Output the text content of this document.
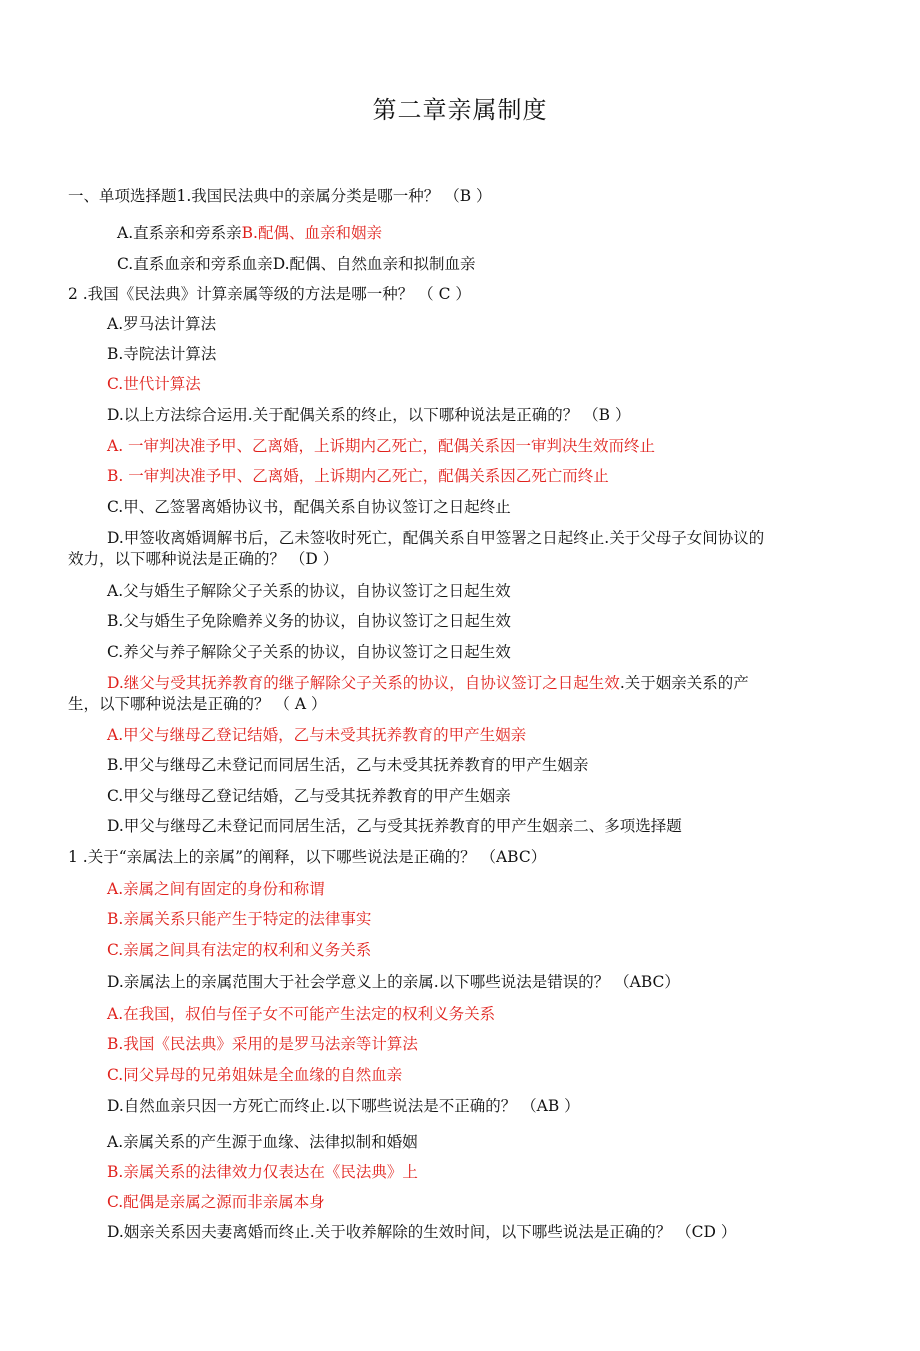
第二章亲属制度
一、单项选择题1.我国民法典中的亲属分类是哪一种？ （B ）
A.直系亲和旁系亲B.配偶、血亲和姻亲
C.直系血亲和旁系血亲D.配偶、自然血亲和拟制血亲
2 .我国《民法典》计算亲属等级的方法是哪一种？ （ C ）
A.罗马法计算法
B.寺院法计算法
C.世代计算法
D.以上方法综合运用.关于配偶关系的终止，以下哪种说法是正确的？ （B ）
A. 一审判决准予甲、乙离婚，上诉期内乙死亡，配偶关系因一审判决生效而终止
B. 一审判决准予甲、乙离婚，上诉期内乙死亡，配偶关系因乙死亡而终止
C.甲、乙签署离婚协议书，配偶关系自协议签订之日起终止
D.甲签收离婚调解书后，乙未签收时死亡，配偶关系自甲签署之日起终止.关于父母子女间协议的
效力，以下哪种说法是正确的？ （D ）
A.父与婚生子解除父子关系的协议，自协议签订之日起生效
B.父与婚生子免除赡养义务的协议，自协议签订之日起生效
C.养父与养子解除父子关系的协议，自协议签订之日起生效
D.继父与受其抚养教育的继子解除父子关系的协议，自协议签订之日起生效.关于姻亲关系的产
生，以下哪种说法是正确的？ （ A ）
A.甲父与继母乙登记结婚，乙与未受其抚养教育的甲产生姻亲
B.甲父与继母乙未登记而同居生活，乙与未受其抚养教育的甲产生姻亲
C.甲父与继母乙登记结婚，乙与受其抚养教育的甲产生姻亲
D.甲父与继母乙未登记而同居生活，乙与受其抚养教育的甲产生姻亲二、多项选择题
1 .关于“亲属法上的亲属”的阐释，以下哪些说法是正确的？ （ABC）
A.亲属之间有固定的身份和称谓
B.亲属关系只能产生于特定的法律事实
C.亲属之间具有法定的权利和义务关系
D.亲属法上的亲属范围大于社会学意义上的亲属.以下哪些说法是错误的？ （ABC）
A.在我国，叔伯与侄子女不可能产生法定的权利义务关系
B.我国《民法典》采用的是罗马法亲等计算法
C.同父异母的兄弟姐妹是全血缘的自然血亲
D.自然血亲只因一方死亡而终止.以下哪些说法是不正确的？ （AB ）
A.亲属关系的产生源于血缘、法律拟制和婚姻
B.亲属关系的法律效力仅表达在《民法典》上
C.配偶是亲属之源而非亲属本身
D.姻亲关系因夫妻离婚而终止.关于收养解除的生效时间，以下哪些说法是正确的？ （CD ）
